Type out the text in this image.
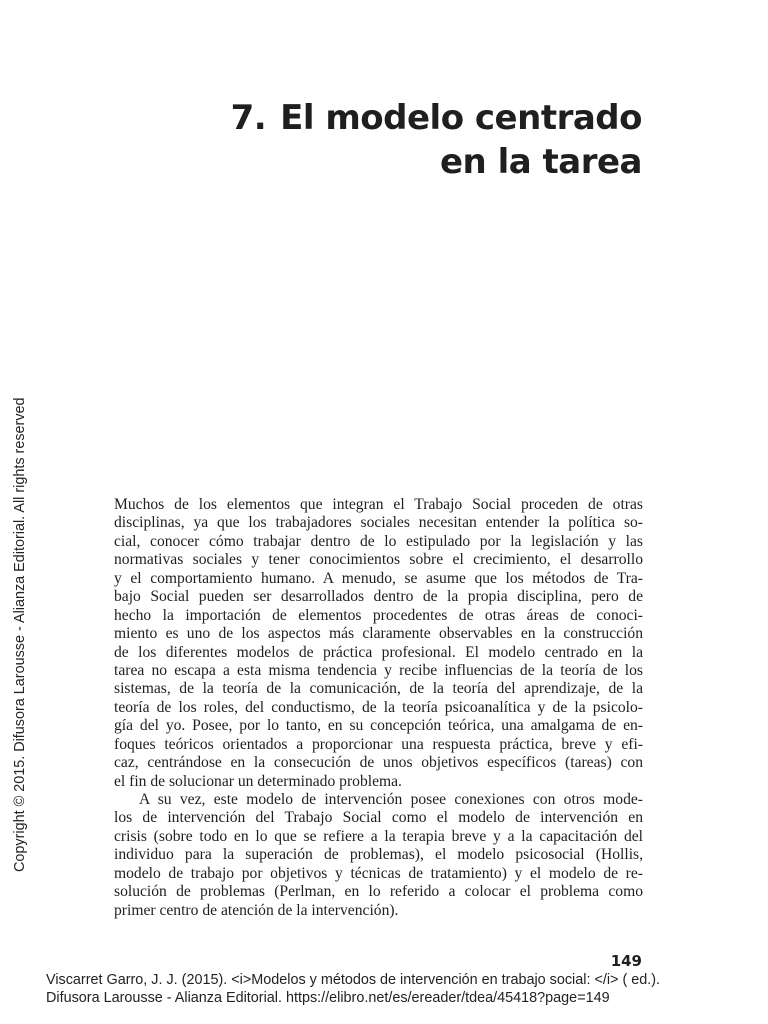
Copyright © 2015. Difusora Larousse - Alianza Editorial. All rights reserved
7. El modelo centrado
en la tarea

Muchos de los elementos que integran el Trabajo Social proceden de otras
disciplinas, ya que los trabajadores sociales necesitan entender la política so-
cial, conocer cómo trabajar dentro de lo estipulado por la legislación y las
normativas sociales y tener conocimientos sobre el crecimiento, el desarrollo
y el comportamiento humano. A menudo, se asume que los métodos de Tra-
bajo Social pueden ser desarrollados dentro de la propia disciplina, pero de
hecho la importación de elementos procedentes de otras áreas de conoci-
miento es uno de los aspectos más claramente observables en la construcción
de los diferentes modelos de práctica profesional. El modelo centrado en la
tarea no escapa a esta misma tendencia y recibe influencias de la teoría de los
sistemas, de la teoría de la comunicación, de la teoría del aprendizaje, de la
teoría de los roles, del conductismo, de la teoría psicoanalítica y de la psicolo-
gía del yo. Posee, por lo tanto, en su concepción teórica, una amalgama de en-
foques teóricos orientados a proporcionar una respuesta práctica, breve y efi-
caz, centrándose en la consecución de unos objetivos específicos (tareas) con
el fin de solucionar un determinado problema.

A su vez, este modelo de intervención posee conexiones con otros mode-
los de intervención del Trabajo Social como el modelo de intervención en
crisis (sobre todo en lo que se refiere a la terapia breve y a la capacitación del
individuo para la superación de problemas), el modelo psicosocial (Hollis,
modelo de trabajo por objetivos y técnicas de tratamiento) y el modelo de re-
solución de problemas (Perlman, en lo referido a colocar el problema como
primer centro de atención de la intervención).

149
Viscarret Garro, J. J. (2015). <i>Modelos y métodos de intervención en trabajo social: </i> ( ed.).
Difusora Larousse - Alianza Editorial. https://elibro.net/es/ereader/tdea/45418?page=149
